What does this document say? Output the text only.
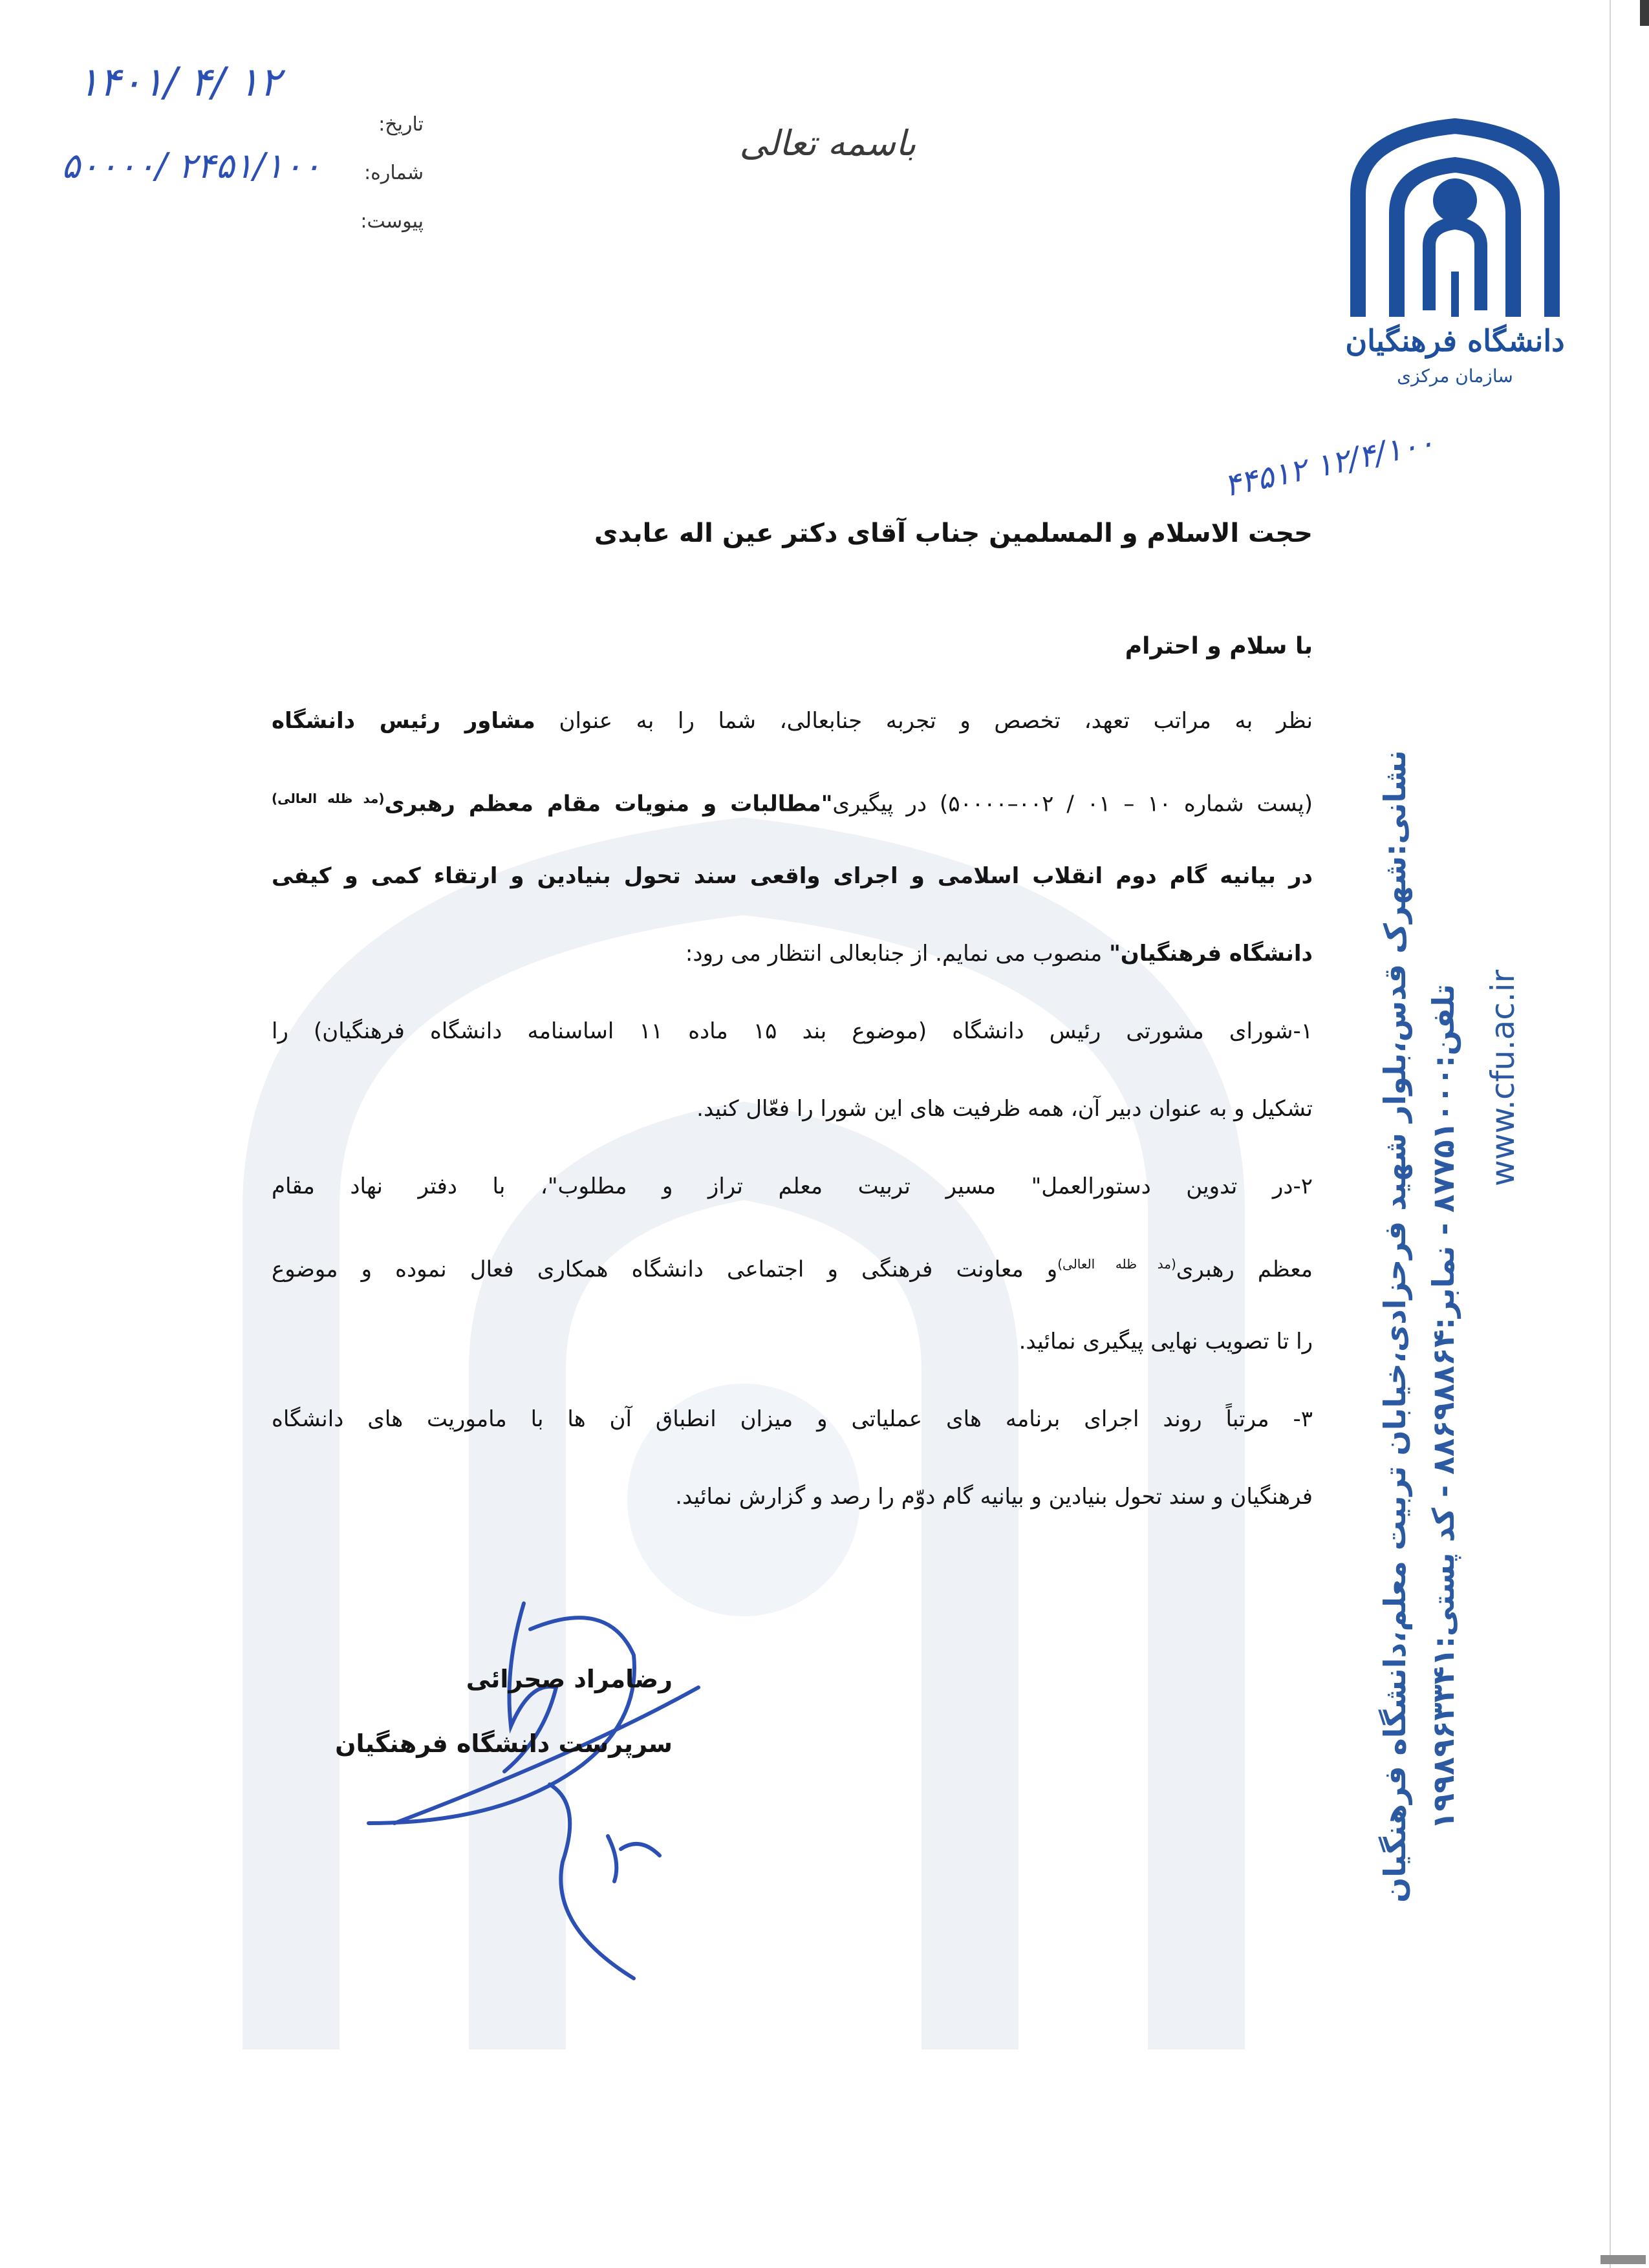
دانشگاه فرهنگیان
سازمان مرکزی
تاریخ:
شماره:
پیوست:
۱۴۰۱/ ۴/ ۱۲
۵۰۰۰۰/ ۲۴۵۱/۱۰۰
باسمه تعالی
۱۲/۴/۱۰۰ ۴۴۵۱۲
حجت الاسلام و المسلمین جناب آقای دکتر عین اله عابدی
با سلام و احترام
نظر به مراتب تعهد، تخصص و تجربه جنابعالی، شما را به عنوان مشاور رئیس دانشگاه
(پست شماره ۱۰ – ۰۱ / ۰۰۲–۵۰۰۰۰) در پیگیری"مطالبات و منویات مقام معظم رهبری$^{(مد ظله العالی)}$
در بیانیه گام دوم انقلاب اسلامی و اجرای واقعی سند تحول بنیادین و ارتقاء کمی و کیفی
دانشگاه فرهنگیان" منصوب می نمایم. از جنابعالی انتظار می رود:
۱-شورای مشورتی رئیس دانشگاه (موضوع بند ۱۵ ماده ۱۱ اساسنامه دانشگاه فرهنگیان) را
تشکیل و به عنوان دبیر آن، همه ظرفیت های این شورا را فعّال کنید.
۲-در تدوین دستورالعمل" مسیر تربیت معلم تراز و مطلوب"، با دفتر نهاد مقام
معظم رهبری$^{(مد ظله العالی)}$و معاونت فرهنگی و اجتماعی دانشگاه همکاری فعال نموده و موضوع
را تا تصویب نهایی پیگیری نمائید.
۳- مرتباً روند اجرای برنامه های عملیاتی و میزان انطباق آن ها با ماموریت های دانشگاه
فرهنگیان و سند تحول بنیادین و بیانیه گام دوّم را رصد و گزارش نمائید.
رضامراد صحرائی
سرپرست دانشگاه فرهنگیان	نشانی:شهرک قدس،بلوار شهید فرحزادی،خیابان تربیت معلم،دانشگاه فرهنگیان تلفن:۸۷۷۵۱۰۰۰ - نمابر:۸۸۶۹۸۸۶۴ - کد پستی:۱۹۹۸۹۶۳۳۴۱ www.cfu.ac.ir
